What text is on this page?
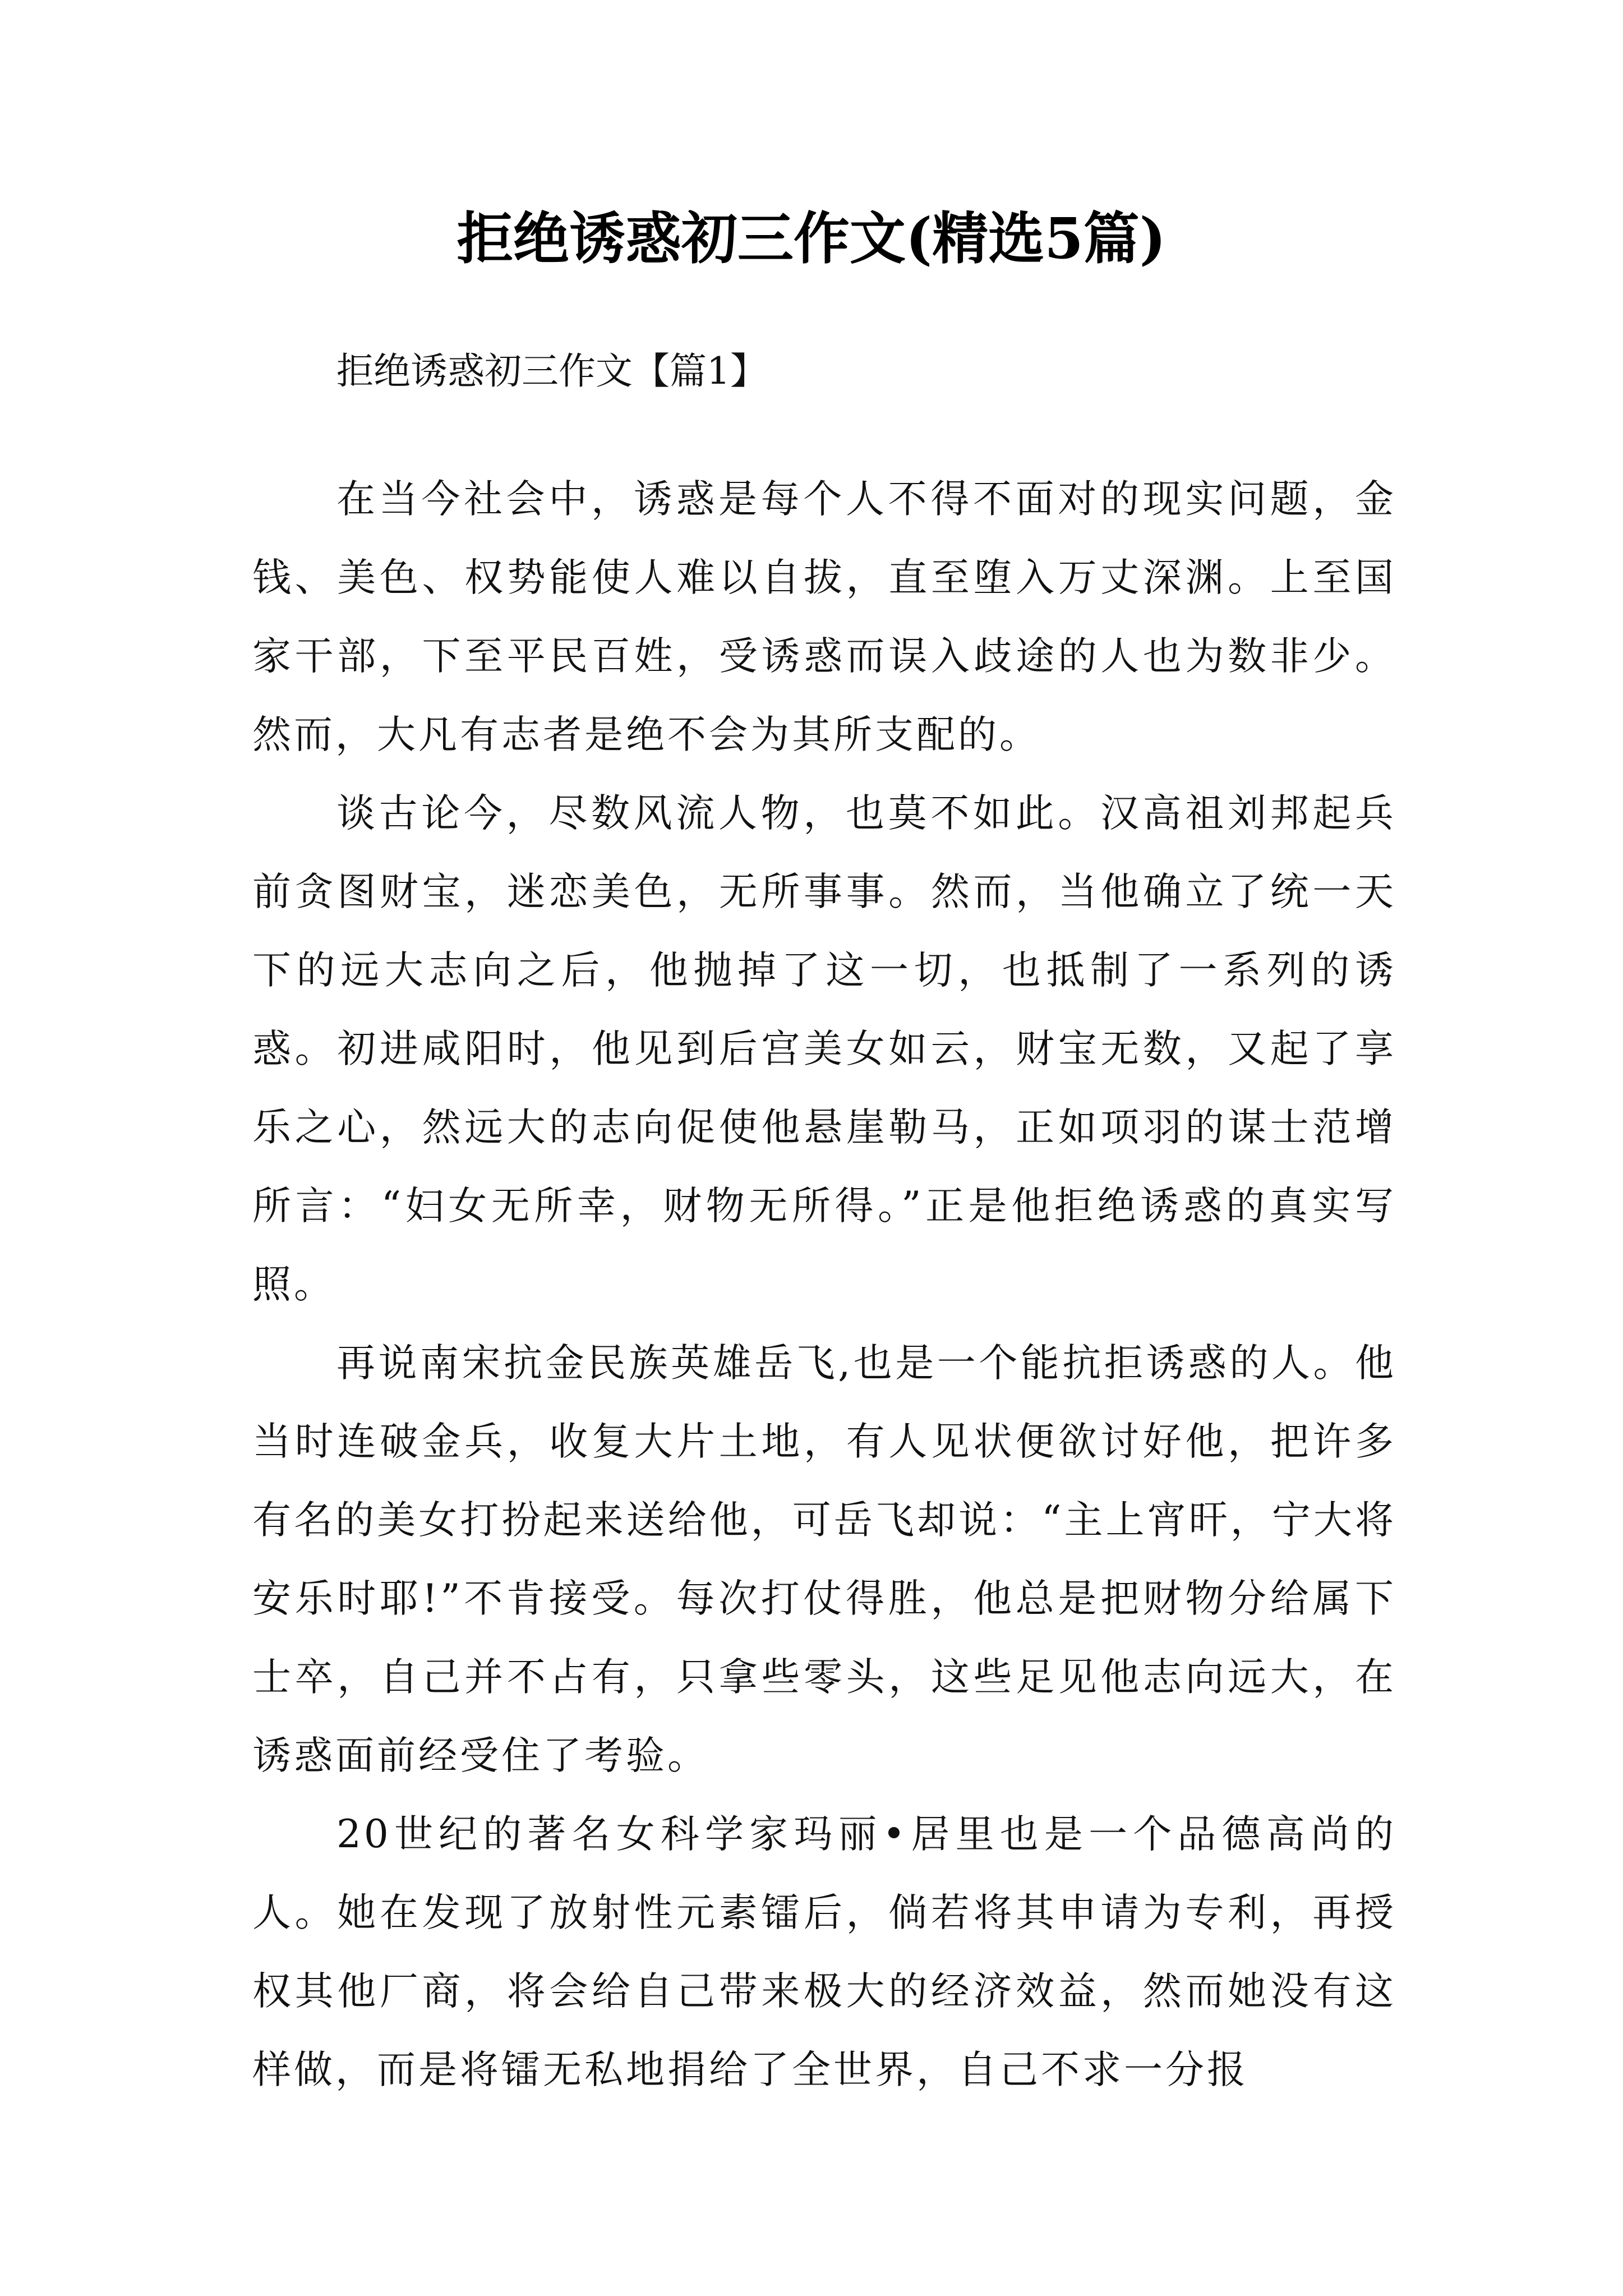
拒绝诱惑初三作文(精选5篇)
拒绝诱惑初三作文【篇1】

在当今社会中，诱惑是每个人不得不面对的现实问题，金钱、美色、权势能使人难以自拔，直至堕入万丈深渊。上至国家干部，下至平民百姓，受诱惑而误入歧途的人也为数非少。然而，大凡有志者是绝不会为其所支配的。

谈古论今，尽数风流人物，也莫不如此。汉高祖刘邦起兵前贪图财宝，迷恋美色，无所事事。然而，当他确立了统一天下的远大志向之后，他抛掉了这一切，也抵制了一系列的诱惑。初进咸阳时，他见到后宫美女如云，财宝无数，又起了享乐之心，然远大的志向促使他悬崖勒马，正如项羽的谋士范增所言：“妇女无所幸，财物无所得。”正是他拒绝诱惑的真实写照。

再说南宋抗金民族英雄岳飞,也是一个能抗拒诱惑的人。他当时连破金兵，收复大片土地，有人见状便欲讨好他，把许多有名的美女打扮起来送给他，可岳飞却说：“主上宵旰，宁大将安乐时耶!”不肯接受。每次打仗得胜，他总是把财物分给属下士卒，自己并不占有，只拿些零头，这些足见他志向远大，在诱惑面前经受住了考验。

20世纪的著名女科学家玛丽•居里也是一个品德高尚的人。她在发现了放射性元素镭后，倘若将其申请为专利，再授权其他厂商，将会给自己带来极大的经济效益，然而她没有这样做，而是将镭无私地捐给了全世界，自己不求一分报
